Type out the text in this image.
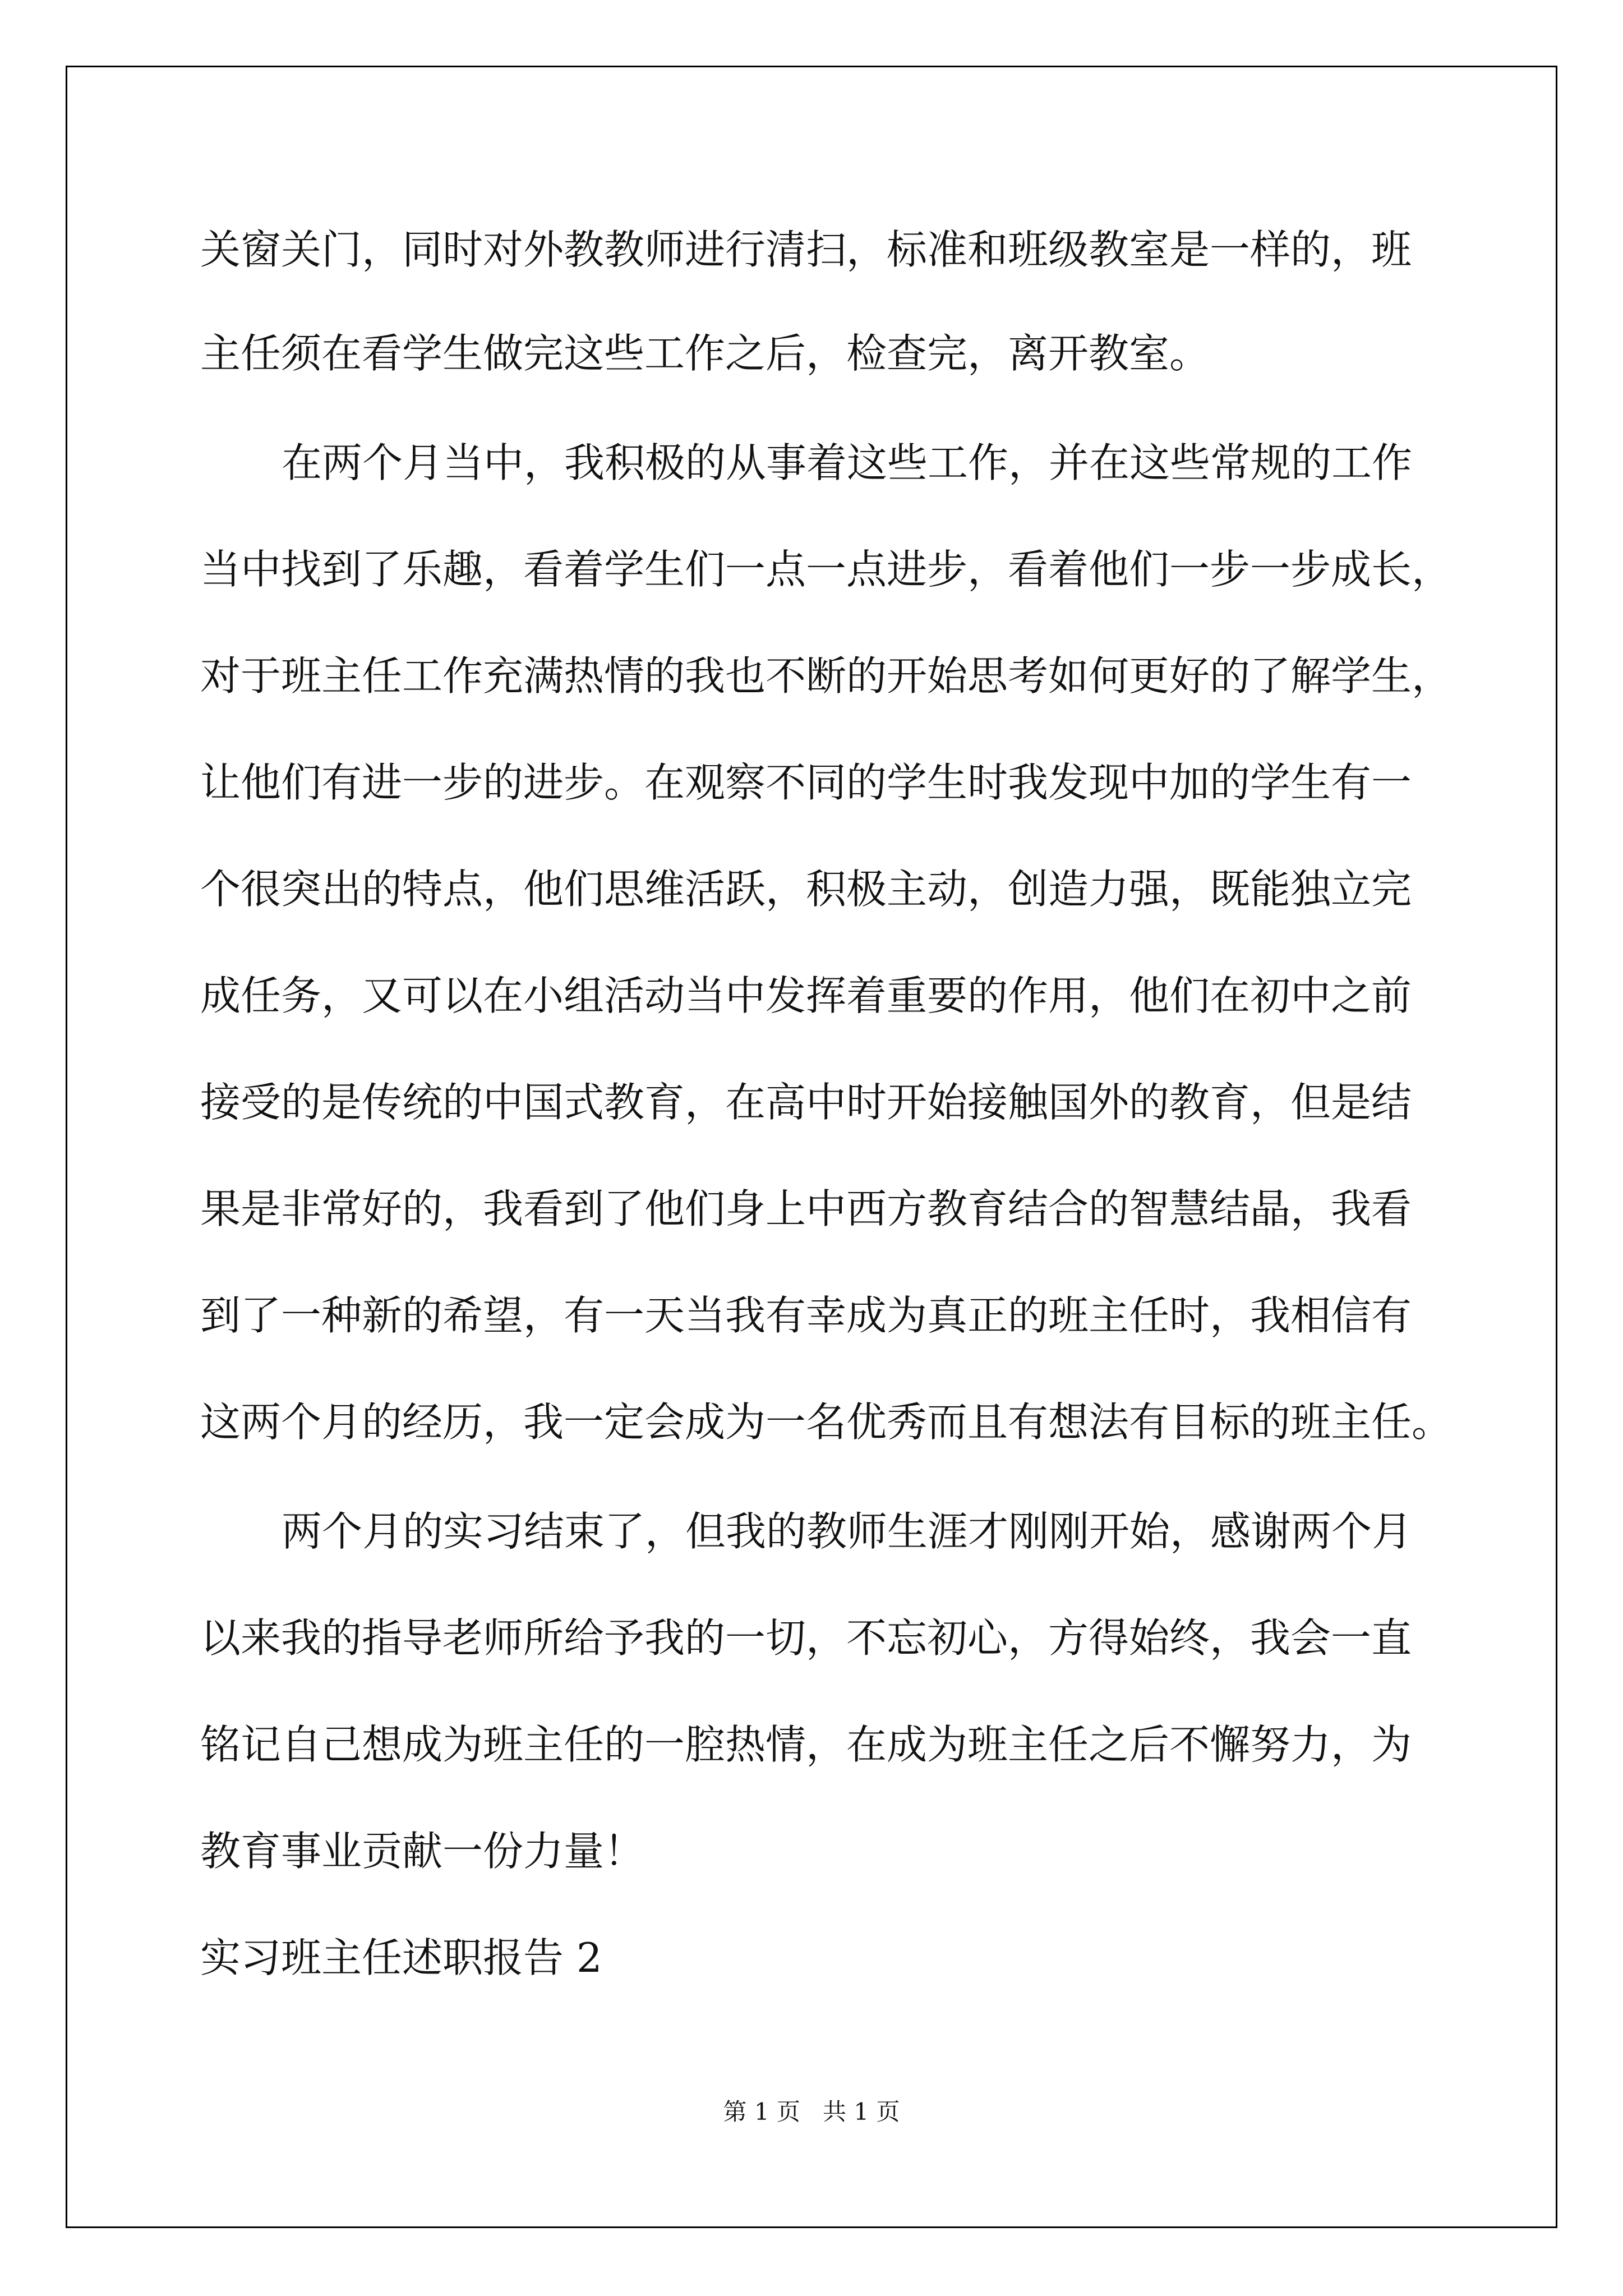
关窗关门，同时对外教教师进行清扫，标准和班级教室是一样的，班
主任须在看学生做完这些工作之后，检查完，离开教室。
在两个月当中，我积极的从事着这些工作，并在这些常规的工作
当中找到了乐趣，看着学生们一点一点进步，看着他们一步一步成长，
对于班主任工作充满热情的我也不断的开始思考如何更好的了解学生，
让他们有进一步的进步。在观察不同的学生时我发现中加的学生有一
个很突出的特点，他们思维活跃，积极主动，创造力强，既能独立完
成任务，又可以在小组活动当中发挥着重要的作用，他们在初中之前
接受的是传统的中国式教育，在高中时开始接触国外的教育，但是结
果是非常好的，我看到了他们身上中西方教育结合的智慧结晶，我看
到了一种新的希望，有一天当我有幸成为真正的班主任时，我相信有
这两个月的经历，我一定会成为一名优秀而且有想法有目标的班主任。
两个月的实习结束了，但我的教师生涯才刚刚开始，感谢两个月
以来我的指导老师所给予我的一切，不忘初心，方得始终，我会一直
铭记自己想成为班主任的一腔热情，在成为班主任之后不懈努力，为
教育事业贡献一份力量！
实习班主任述职报告 2
第 1 页   共 1 页
